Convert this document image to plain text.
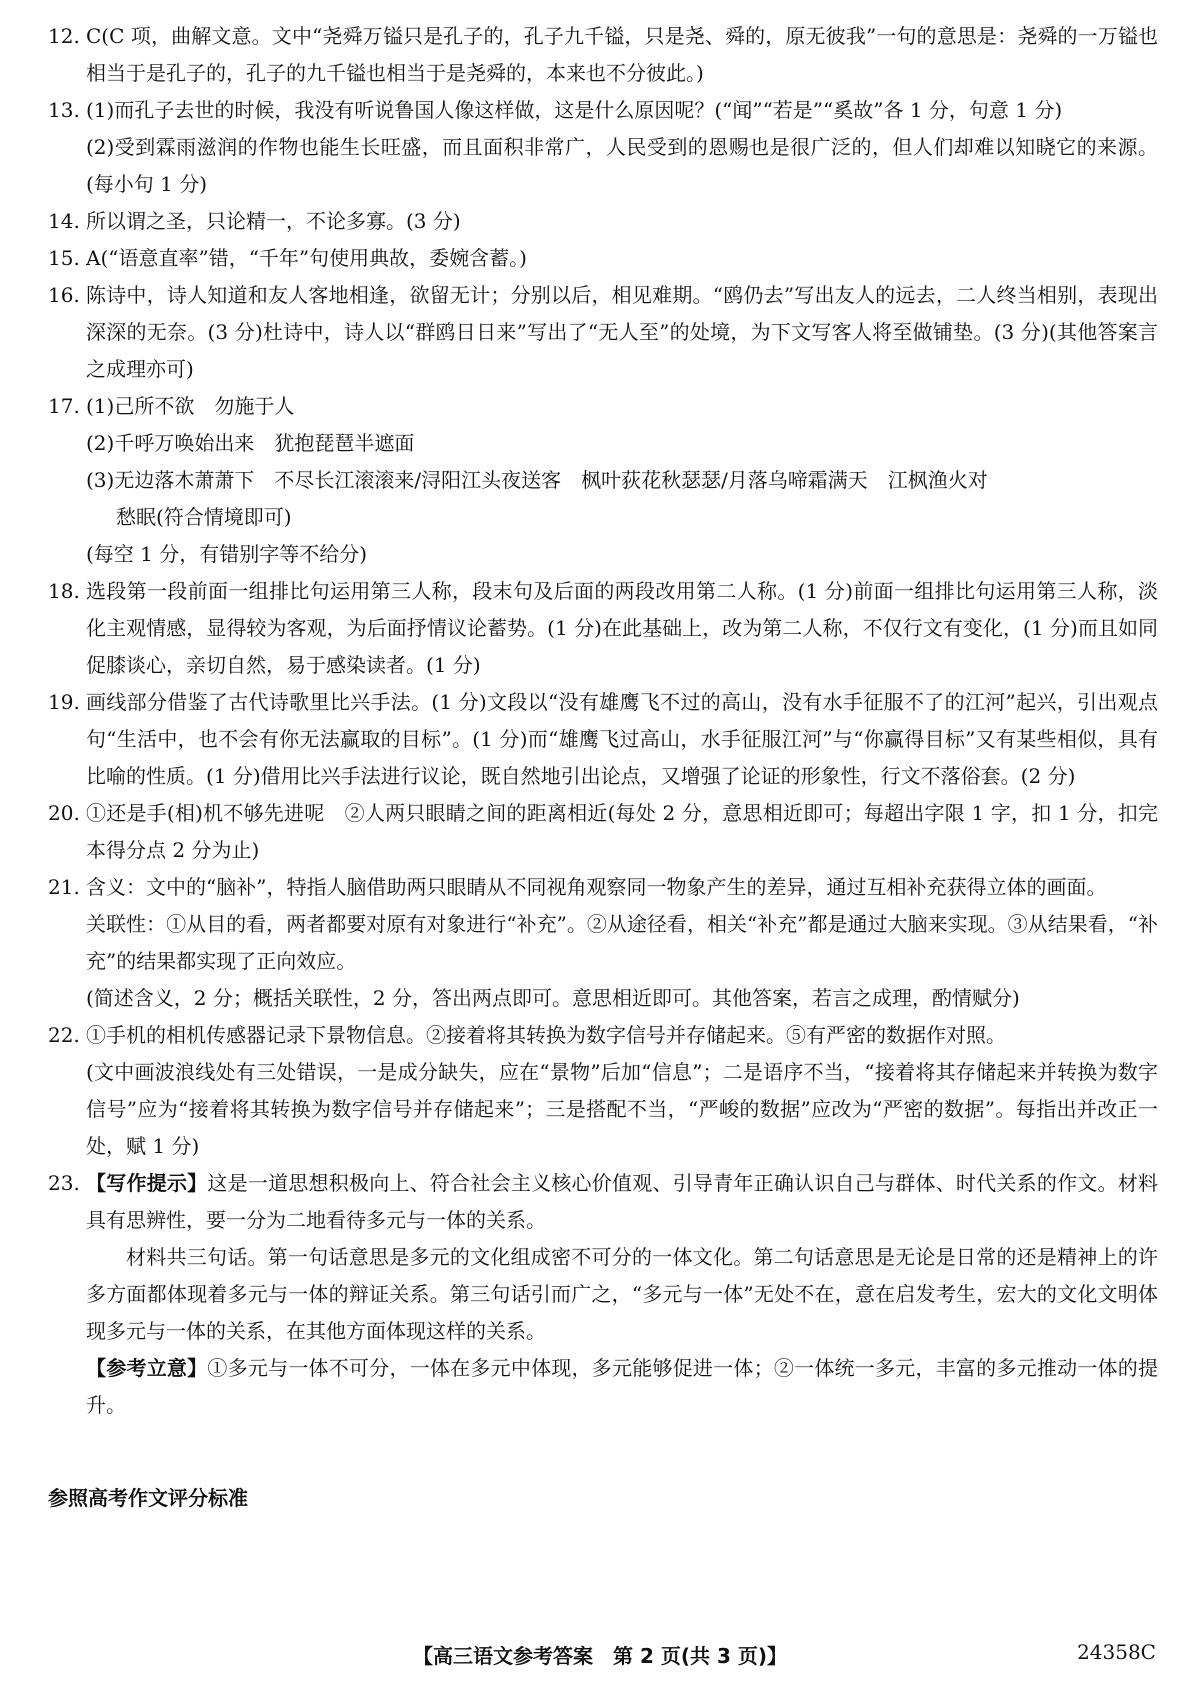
12. C(C 项，曲解文意。文中“尧舜万镒只是孔子的，孔子九千镒，只是尧、舜的，原无彼我”一句的意思是：尧舜的一万镒也相当于是孔子的，孔子的九千镒也相当于是尧舜的，本来也不分彼此。)
13. (1)而孔子去世的时候，我没有听说鲁国人像这样做，这是什么原因呢？(“闻”“若是”“奚故”各 1 分，句意 1 分)
(2)受到霖雨滋润的作物也能生长旺盛，而且面积非常广，人民受到的恩赐也是很广泛的，但人们却难以知晓它的来源。(每小句 1 分)
14. 所以谓之圣，只论精一，不论多寡。(3 分)
15. A(“语意直率”错，“千年”句使用典故，委婉含蓄。)
16. 陈诗中，诗人知道和友人客地相逢，欲留无计；分别以后，相见难期。“鸥仍去”写出友人的远去，二人终当相别，表现出深深的无奈。(3 分)杜诗中，诗人以“群鸥日日来”写出了“无人至”的处境，为下文写客人将至做铺垫。(3 分)(其他答案言之成理亦可)
17. (1)己所不欲　勿施于人
(2)千呼万唤始出来　犹抱琵琶半遮面
(3)无边落木萧萧下　不尽长江滚滚来/浔阳江头夜送客　枫叶荻花秋瑟瑟/月落乌啼霜满天　江枫渔火对
愁眠(符合情境即可)
(每空 1 分，有错别字等不给分)
18. 选段第一段前面一组排比句运用第三人称，段末句及后面的两段改用第二人称。(1 分)前面一组排比句运用第三人称，淡化主观情感，显得较为客观，为后面抒情议论蓄势。(1 分)在此基础上，改为第二人称，不仅行文有变化，(1 分)而且如同促膝谈心，亲切自然，易于感染读者。(1 分)
19. 画线部分借鉴了古代诗歌里比兴手法。(1 分)文段以“没有雄鹰飞不过的高山，没有水手征服不了的江河”起兴，引出观点句“生活中，也不会有你无法赢取的目标”。(1 分)而“雄鹰飞过高山，水手征服江河”与“你赢得目标”又有某些相似，具有比喻的性质。(1 分)借用比兴手法进行议论，既自然地引出论点，又增强了论证的形象性，行文不落俗套。(2 分)
20. ①还是手(相)机不够先进呢　②人两只眼睛之间的距离相近(每处 2 分，意思相近即可；每超出字限 1 字，扣 1 分，扣完本得分点 2 分为止)
21. 含义：文中的“脑补”，特指人脑借助两只眼睛从不同视角观察同一物象产生的差异，通过互相补充获得立体的画面。
关联性：①从目的看，两者都要对原有对象进行“补充”。②从途径看，相关“补充”都是通过大脑来实现。③从结果看，“补充”的结果都实现了正向效应。
(简述含义，2 分；概括关联性，2 分，答出两点即可。意思相近即可。其他答案，若言之成理，酌情赋分)
22. ①手机的相机传感器记录下景物信息。②接着将其转换为数字信号并存储起来。⑤有严密的数据作对照。
(文中画波浪线处有三处错误，一是成分缺失，应在“景物”后加“信息”；二是语序不当，“接着将其存储起来并转换为数字信号”应为“接着将其转换为数字信号并存储起来”；三是搭配不当，“严峻的数据”应改为“严密的数据”。每指出并改正一处，赋 1 分)
23. 【写作提示】这是一道思想积极向上、符合社会主义核心价值观、引导青年正确认识自己与群体、时代关系的作文。材料具有思辨性，要一分为二地看待多元与一体的关系。
材料共三句话。第一句话意思是多元的文化组成密不可分的一体文化。第二句话意思是无论是日常的还是精神上的许多方面都体现着多元与一体的辩证关系。第三句话引而广之，“多元与一体”无处不在，意在启发考生，宏大的文化文明体现多元与一体的关系，在其他方面体现这样的关系。
【参考立意】①多元与一体不可分，一体在多元中体现，多元能够促进一体；②一体统一多元，丰富的多元推动一体的提升。
参照高考作文评分标准
【高三语文参考答案　第 2 页(共 3 页)】	24358C
